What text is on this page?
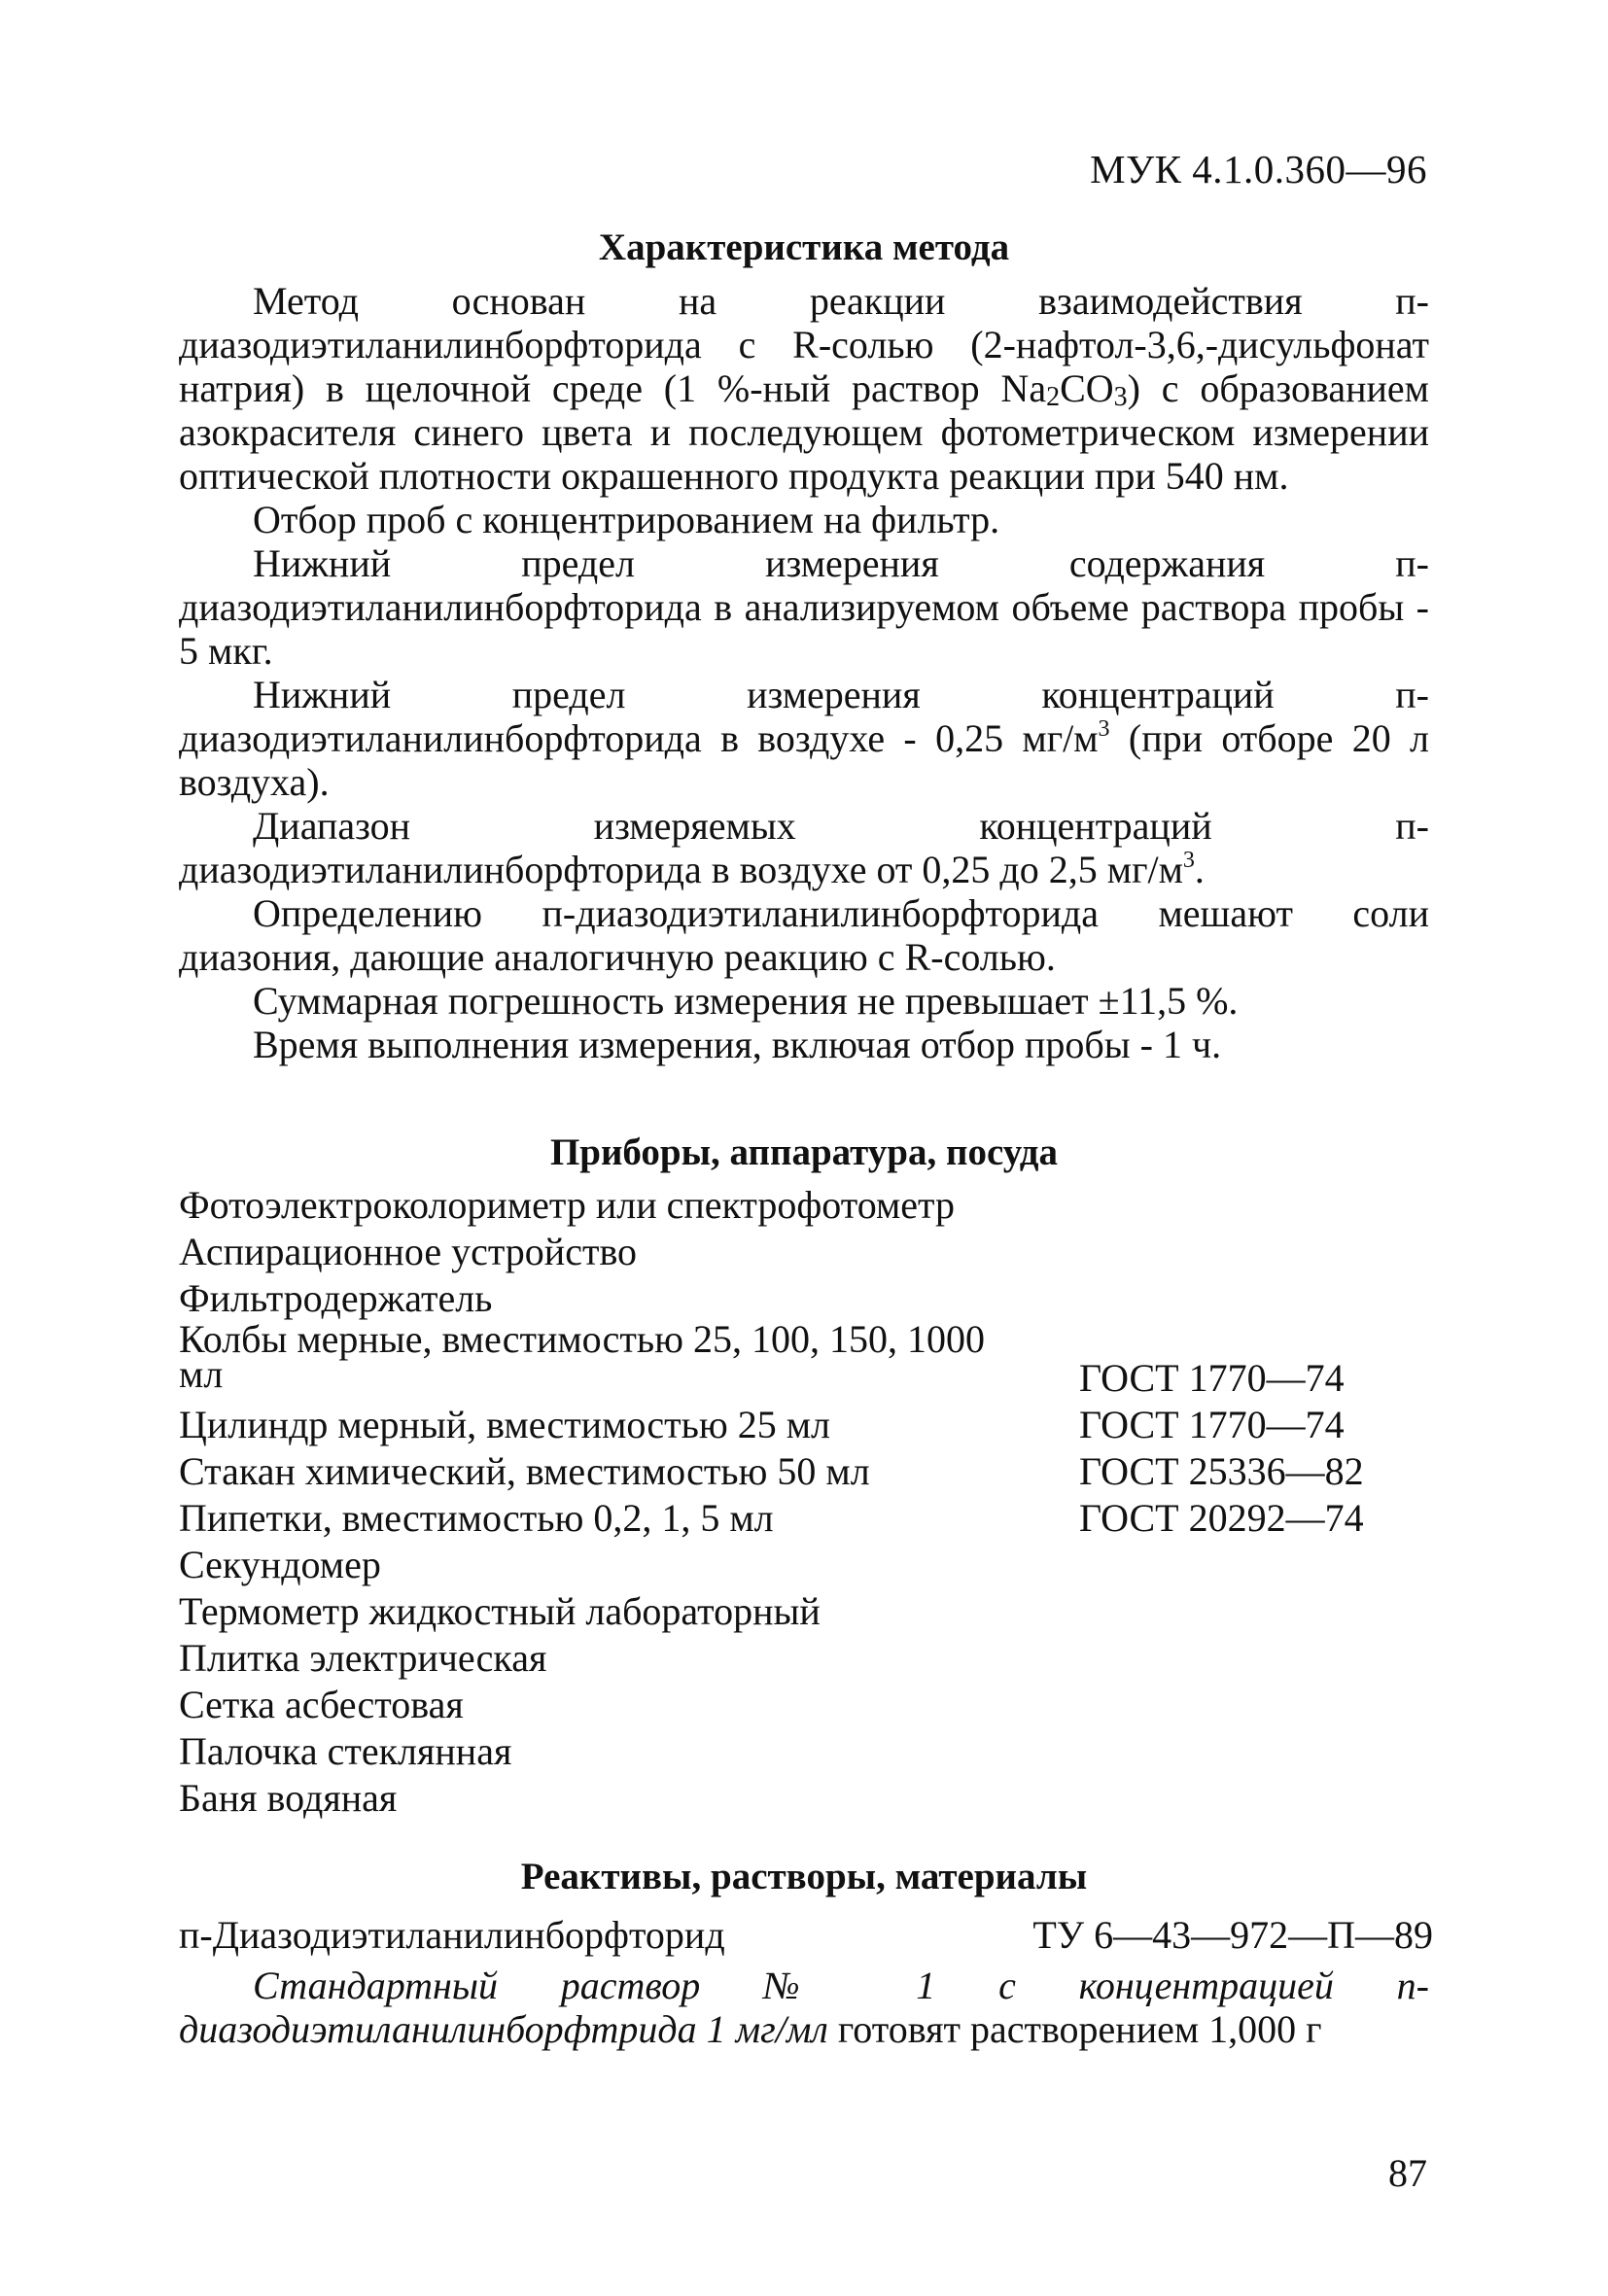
МУК 4.1.0.360—96
Характеристика метода

Метод основан на реакции взаимодействия п-диазодиэтиланилинборфторида с R-солью (2-нафтол-3,6,-дисульфонат натрия) в щелочной среде (1 %-ный раствор Na2CO3) с образованием азокрасителя синего цвета и последующем фотометрическом измерении оптической плотности окрашенного продукта реакции при 540 нм.

Отбор проб с концентрированием на фильтр.

Нижний предел измерения содержания п-диазодиэтиланилинборфторида в анализируемом объеме раствора пробы - 5 мкг.

Нижний предел измерения концентраций п-диазодиэтиланилинборфторида в воздухе - 0,25 $мг/м^3$ (при отборе 20 л воздуха).

Диапазон измеряемых концентраций п-диазодиэтиланилинборфторида в воздухе от 0,25 до 2,5 $мг/м^3$.

Определению п-диазодиэтиланилинборфторида мешают соли диазония, дающие аналогичную реакцию с R-солью.

Суммарная погрешность измерения не превышает ±11,5 %.

Время выполнения измерения, включая отбор пробы - 1 ч.

Приборы, аппаратура, посуда
Фотоэлектроколориметр или спектрофотометр
Аспирационное устройство
Фильтродержатель
Колбы мерные, вместимостью 25, 100, 150, 1000 мл	ГОСТ 1770—74
Цилиндр мерный, вместимостью 25 мл	ГОСТ 1770—74
Стакан химический, вместимостью 50 мл	ГОСТ 25336—82
Пипетки, вместимостью 0,2, 1, 5 мл	ГОСТ 20292—74
Секундомер
Термометр жидкостный лабораторный
Плитка электрическая
Сетка асбестовая
Палочка стеклянная
Баня водяная
Реактивы, растворы, материалы
п-Диазодиэтиланилинборфторид	ТУ 6—43—972—П—89

Стандартный раствор № 1 с концентрацией п-диазодиэтиланилинборфтрида 1 мг/мл готовят растворением 1,000 г

87
